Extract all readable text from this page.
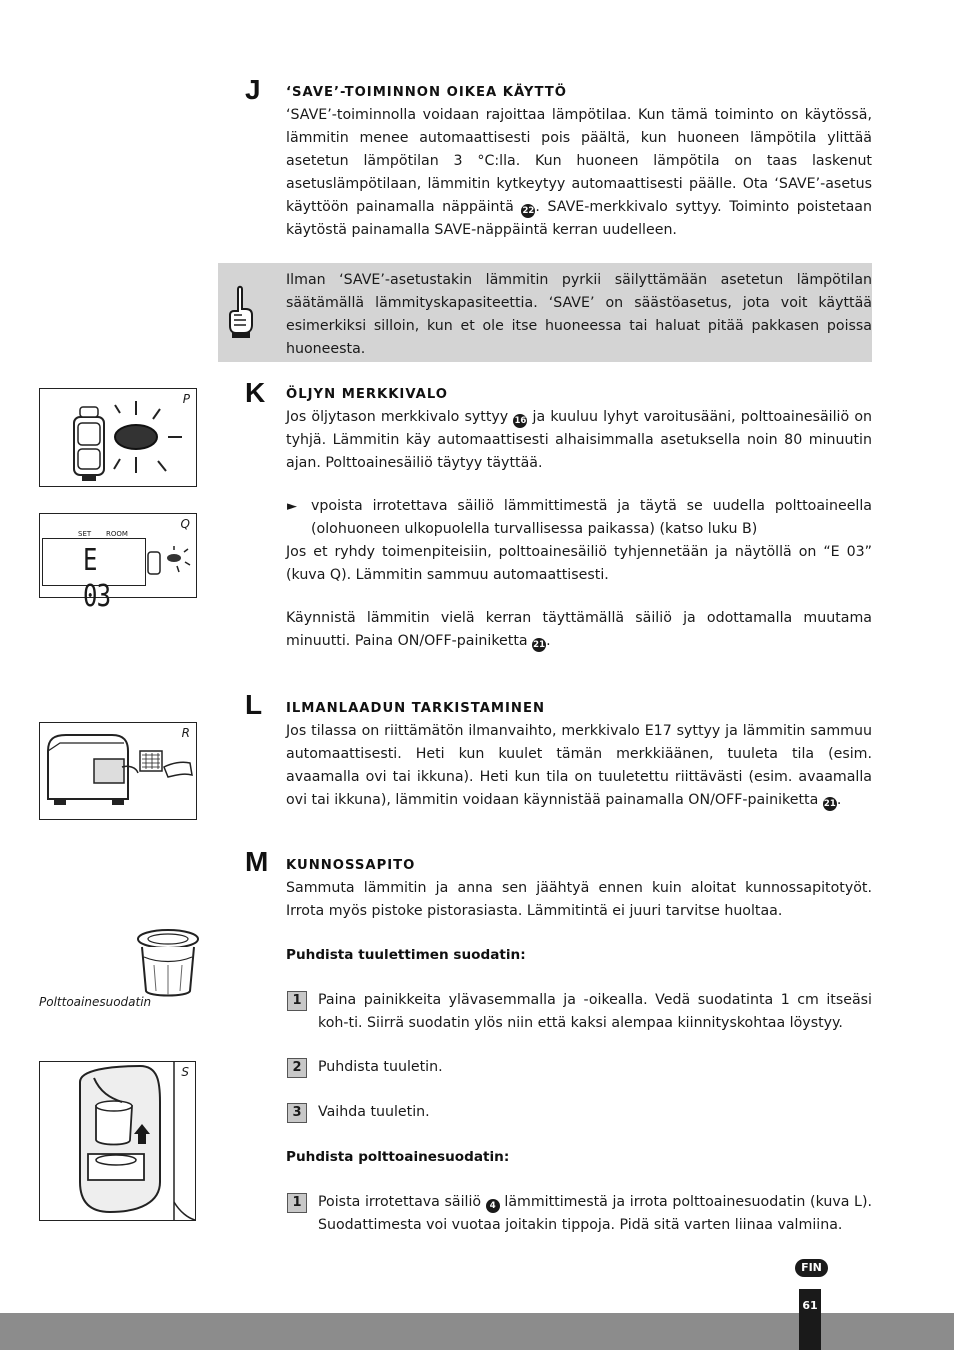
J ‘SAVE’-TOIMINNON OIKEA KÄYTTÖ

‘SAVE’-toiminnolla voidaan rajoittaa lämpötilaa. Kun tämä toiminto on käytössä, lämmitin menee automaattisesti pois päältä, kun huoneen lämpötila ylittää asetetun lämpötilan 3 °C:lla. Kun huoneen lämpötila on taas laskenut asetuslämpötilaan, lämmitin kytkeytyy automaattisesti päälle. Ota ‘SAVE’-asetus käyttöön painamalla näppäintä 22. SAVE-merkkivalo syttyy. Toiminto poistetaan käytöstä painamalla SAVE-näppäintä kerran uudelleen.

Ilman ‘SAVE’-asetustakin lämmitin pyrkii säilyttämään asetetun lämpötilan säätämällä lämmityskapasiteettia. ‘SAVE’ on säästöasetus, jota voit käyttää esimerkiksi silloin, kun et ole itse huoneessa tai haluat pitää pakkasen poissa huoneesta.

K ÖLJYN MERKKIVALO

Jos öljytason merkkivalo syttyy 16 ja kuuluu lyhyt varoitusääni, polttoainesäiliö on tyhjä. Lämmitin käy automaattisesti alhaisimmalla asetuksella noin 80 minuutin ajan. Polttoainesäiliö täytyy täyttää.

► vpoista irrotettava säiliö lämmittimestä ja täytä se uudella polttoaineella (olohuoneen ulkopuolella turvallisessa paikassa) (katso luku B)

Jos et ryhdy toimenpiteisiin, polttoainesäiliö tyhjennetään ja näytöllä on “E 03” (kuva Q). Lämmitin sammuu automaattisesti.

Käynnistä lämmitin vielä kerran täyttämällä säiliö ja odottamalla muutama minuutti. Paina ON/OFF-painiketta 21.

L ILMANLAADUN TARKISTAMINEN

Jos tilassa on riittämätön ilmanvaihto, merkkivalo E17 syttyy ja lämmitin sammuu automaattisesti. Heti kun kuulet tämän merkkiäänen, tuuleta tila (esim. avaamalla ovi tai ikkuna). Heti kun tila on tuuletettu riittävästi (esim. avaamalla ovi tai ikkuna), lämmitin voidaan käynnistää painamalla ON/OFF-painiketta 21.

M KUNNOSSAPITO

Sammuta lämmitin ja anna sen jäähtyä ennen kuin aloitat kunnossapitotyöt. Irrota myös pistoke pistorasiasta. Lämmitintä ei juuri tarvitse huoltaa.

Puhdista tuulettimen suodatin:
1	Paina painikkeita ylävasemmalla ja -oikealla. Vedä suodatinta 1 cm itseäsi koh-ti. Siirrä suodatin ylös niin että kaksi alempaa kiinnityskohtaa löystyy.

2	Puhdista tuuletin.

3	Vaihda tuuletin.

Puhdista polttoainesuodatin:
1	Poista irrotettava säiliö 4 lämmittimestä ja irrota polttoainesuodatin (kuva L). Suodattimesta voi vuotaa joitakin tippoja. Pidä sitä varten liinaa valmiina.

P
Q
SET ROOM
E 03
R
Polttoainesuodatin
S
FIN
61
